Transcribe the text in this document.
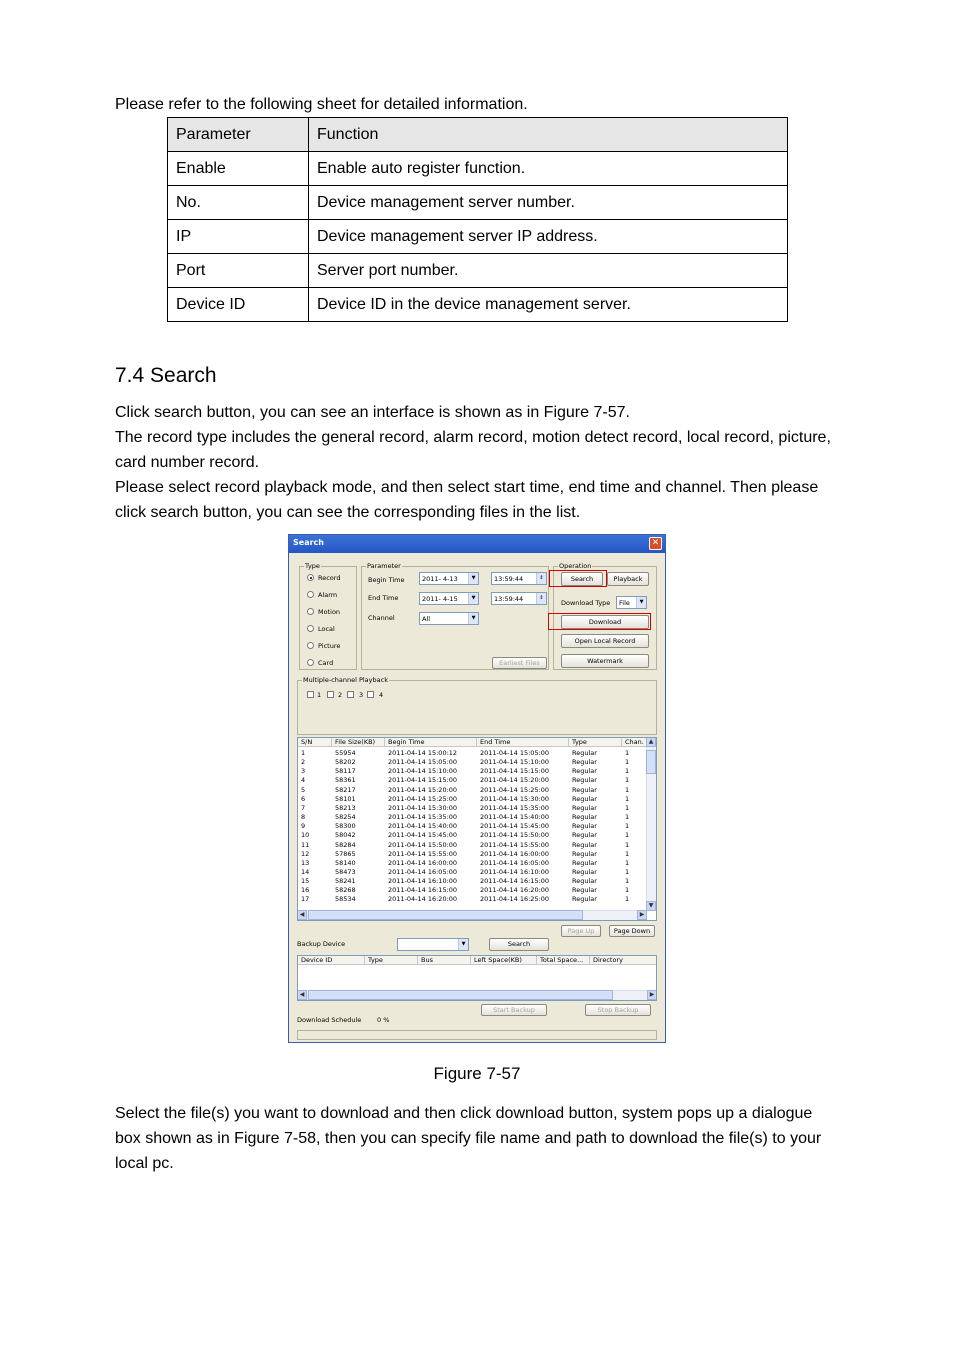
Please refer to the following sheet for detailed information.
Parameter	Function
Enable	Enable auto register function.
No.	Device management server number.
IP	Device management server IP address.
Port	Server port number.
Device ID	Device ID in the device management server.
7.4 Search
Click search button, you can see an interface is shown as in Figure 7-57.
The record type includes the general record, alarm record, motion detect record, local record, picture, card number record.
Please select record playback mode, and then select start time, end time and channel. Then please click search button, you can see the corresponding files in the list.
Search	✕
Type
Record
Alarm
Motion
Local
Picture
Card
Parameter
Begin Time	2011- 4-13	▼	13:59:44	⇕
End Time	2011- 4-15	▼	13:59:44	⇕
Channel	All	▼
Earliest Files
Operation
Search	Playback
Download Type	File	▼
Download
Open Local Record
Watermark
Multiple-channel Playback
1	2	3 4
S/N	File Size(KB)	Begin Time	End Time	Type	Chan.
1	55954	2011-04-14 15:00:12	2011-04-14 15:05:00	Regular	1
2	58202	2011-04-14 15:05:00	2011-04-14 15:10:00	Regular	1
3	58117	2011-04-14 15:10:00	2011-04-14 15:15:00	Regular	1
4	58361	2011-04-14 15:15:00	2011-04-14 15:20:00	Regular	1
5	58217	2011-04-14 15:20:00	2011-04-14 15:25:00	Regular	1
6	58101	2011-04-14 15:25:00	2011-04-14 15:30:00	Regular	1
7	58213	2011-04-14 15:30:00	2011-04-14 15:35:00	Regular	1
8	58254	2011-04-14 15:35:00	2011-04-14 15:40:00	Regular	1
9	58300	2011-04-14 15:40:00	2011-04-14 15:45:00	Regular	1
10	58042	2011-04-14 15:45:00	2011-04-14 15:50:00	Regular	1
11	58284	2011-04-14 15:50:00	2011-04-14 15:55:00	Regular	1
12	57865	2011-04-14 15:55:00	2011-04-14 16:00:00	Regular	1
13	58140	2011-04-14 16:00:00	2011-04-14 16:05:00	Regular	1
14	58473	2011-04-14 16:05:00	2011-04-14 16:10:00	Regular	1
15	58241	2011-04-14 16:10:00	2011-04-14 16:15:00	Regular	1
16	58268	2011-04-14 16:15:00	2011-04-14 16:20:00	Regular	1
17	58534	2011-04-14 16:20:00	2011-04-14 16:25:00	Regular	1
▲
▼
◀	▶
Page Up	Page Down
Backup Device	▼	Search
Device ID	Type	Bus	Left Space(KB)	Total Space...	Directory
◀	▶
Start Backup	Stop Backup
Download Schedule 0 %
Figure 7-57
Select the file(s) you want to download and then click download button, system pops up a dialogue box shown as in Figure 7-58, then you can specify file name and path to download the file(s) to your local pc.
